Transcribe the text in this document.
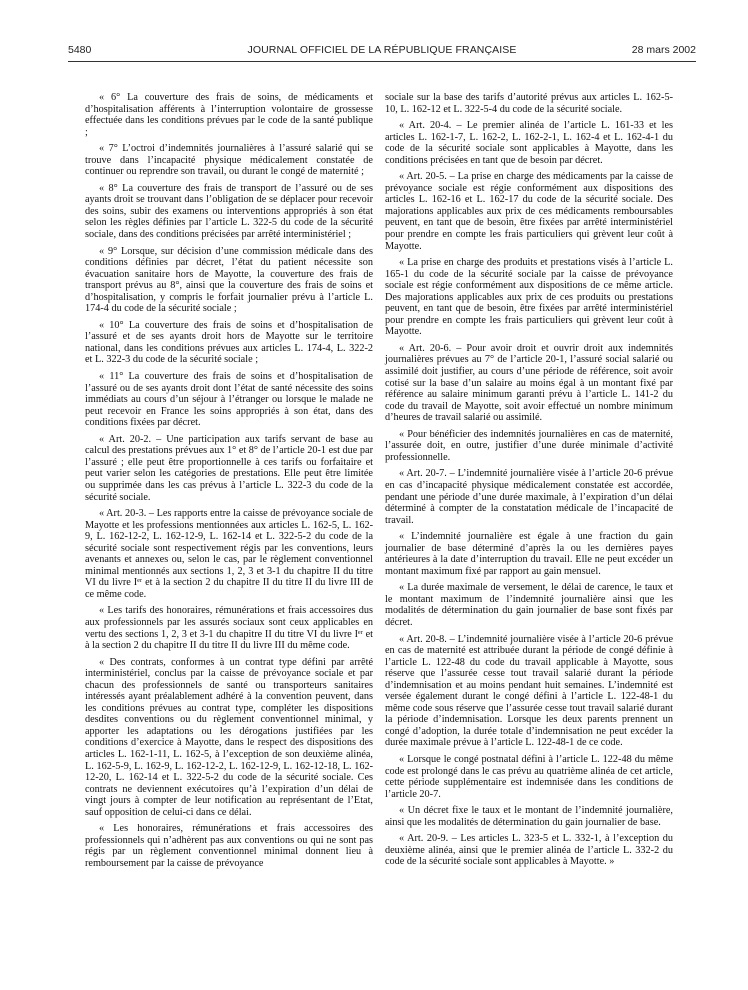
5480	JOURNAL OFFICIEL DE LA RÉPUBLIQUE FRANÇAISE	28 mars 2002

« 6° La couverture des frais de soins, de médicaments et d’hospitalisation afférents à l’interruption volontaire de grossesse effectuée dans les conditions prévues par le code de la santé publique ;

« 7° L’octroi d’indemnités journalières à l’assuré salarié qui se trouve dans l’incapacité physique médicalement constatée de continuer ou reprendre son travail, ou durant le congé de maternité ;

« 8° La couverture des frais de transport de l’assuré ou de ses ayants droit se trouvant dans l’obligation de se déplacer pour recevoir des soins, subir des examens ou interventions appropriés à son état selon les règles définies par l’article L. 322-5 du code de la sécurité sociale, dans des conditions précisées par arrêté interministériel ;

« 9° Lorsque, sur décision d’une commission médicale dans des conditions définies par décret, l’état du patient nécessite son évacuation sanitaire hors de Mayotte, la couverture des frais de transport prévus au 8°, ainsi que la couverture des frais de soins et d’hospitalisation, y compris le forfait journalier prévu à l’article L. 174-4 du code de la sécurité sociale ;

« 10° La couverture des frais de soins et d’hospitalisation de l’assuré et de ses ayants droit hors de Mayotte sur le territoire national, dans les conditions prévues aux articles L. 174-4, L. 322-2 et L. 322-3 du code de la sécurité sociale ;

« 11° La couverture des frais de soins et d’hospitalisation de l’assuré ou de ses ayants droit dont l’état de santé nécessite des soins immédiats au cours d’un séjour à l’étranger ou lorsque le malade ne peut recevoir en France les soins appropriés à son état, dans des conditions fixées par décret.

« Art. 20-2. – Une participation aux tarifs servant de base au calcul des prestations prévues aux 1° et 8° de l’article 20-1 est due par l’assuré ; elle peut être proportionnelle à ces tarifs ou forfaitaire et peut varier selon les catégories de prestations. Elle peut être limitée ou supprimée dans les cas prévus à l’article L. 322-3 du code de la sécurité sociale.

« Art. 20-3. – Les rapports entre la caisse de prévoyance sociale de Mayotte et les professions mentionnées aux articles L. 162-5, L. 162-9, L. 162-12-2, L. 162-12-9, L. 162-14 et L. 322-5-2 du code de la sécurité sociale sont respectivement régis par les conventions, leurs avenants et annexes ou, selon le cas, par le règlement conventionnel minimal mentionnés aux sections 1, 2, 3 et 3-1 du chapitre II du titre VI du livre Iᵉʳ et à la section 2 du chapitre II du titre II du livre III de ce même code.

« Les tarifs des honoraires, rémunérations et frais accessoires dus aux professionnels par les assurés sociaux sont ceux applicables en vertu des sections 1, 2, 3 et 3-1 du chapitre II du titre VI du livre Iᵉʳ et à la section 2 du chapitre II du titre II du livre III du même code.

« Des contrats, conformes à un contrat type défini par arrêté interministériel, conclus par la caisse de prévoyance sociale et par chacun des professionnels de santé ou transporteurs sanitaires intéressés ayant préalablement adhéré à la convention peuvent, dans les conditions prévues au contrat type, compléter les dispositions desdites conventions ou du règlement conventionnel minimal, y apporter les adaptations ou les dérogations justifiées par les conditions d’exercice à Mayotte, dans le respect des dispositions des articles L. 162-1-11, L. 162-5, à l’exception de son deuxième alinéa, L. 162-5-9, L. 162-9, L. 162-12-2, L. 162-12-9, L. 162-12-18, L. 162-12-20, L. 162-14 et L. 322-5-2 du code de la sécurité sociale. Ces contrats ne deviennent exécutoires qu’à l’expiration d’un délai de vingt jours à compter de leur notification au représentant de l’Etat, sauf opposition de celui-ci dans ce délai.

« Les honoraires, rémunérations et frais accessoires des professionnels qui n’adhèrent pas aux conventions ou qui ne sont pas régis par un règlement conventionnel minimal donnent lieu à remboursement par la caisse de prévoyance

sociale sur la base des tarifs d’autorité prévus aux articles L. 162-5-10, L. 162-12 et L. 322-5-4 du code de la sécurité sociale.

« Art. 20-4. – Le premier alinéa de l’article L. 161-33 et les articles L. 162-1-7, L. 162-2, L. 162-2-1, L. 162-4 et L. 162-4-1 du code de la sécurité sociale sont applicables à Mayotte, dans les conditions précisées en tant que de besoin par décret.

« Art. 20-5. – La prise en charge des médicaments par la caisse de prévoyance sociale est régie conformément aux dispositions des articles L. 162-16 et L. 162-17 du code de la sécurité sociale. Des majorations applicables aux prix de ces médicaments remboursables peuvent, en tant que de besoin, être fixées par arrêté interministériel pour prendre en compte les frais particuliers qui grèvent leur coût à Mayotte.

« La prise en charge des produits et prestations visés à l’article L. 165-1 du code de la sécurité sociale par la caisse de prévoyance sociale est régie conformément aux dispositions de ce même article. Des majorations applicables aux prix de ces produits ou prestations peuvent, en tant que de besoin, être fixées par arrêté interministériel pour prendre en compte les frais particuliers qui grèvent leur coût à Mayotte.

« Art. 20-6. – Pour avoir droit et ouvrir droit aux indemnités journalières prévues au 7° de l’article 20-1, l’assuré social salarié ou assimilé doit justifier, au cours d’une période de référence, soit avoir cotisé sur la base d’un salaire au moins égal à un montant fixé par référence au salaire minimum garanti prévu à l’article L. 141-2 du code du travail de Mayotte, soit avoir effectué un nombre minimum d’heures de travail salarié ou assimilé.

« Pour bénéficier des indemnités journalières en cas de maternité, l’assurée doit, en outre, justifier d’une durée minimale d’activité professionnelle.

« Art. 20-7. – L’indemnité journalière visée à l’article 20-6 prévue en cas d’incapacité physique médicalement constatée est accordée, pendant une période d’une durée maximale, à l’expiration d’un délai déterminé à compter de la constatation médicale de l’incapacité de travail.

« L’indemnité journalière est égale à une fraction du gain journalier de base déterminé d’après la ou les dernières payes antérieures à la date d’interruption du travail. Elle ne peut excéder un montant maximum fixé par rapport au gain mensuel.

« La durée maximale de versement, le délai de carence, le taux et le montant maximum de l’indemnité journalière ainsi que les modalités de détermination du gain journalier de base sont fixés par décret.

« Art. 20-8. – L’indemnité journalière visée à l’article 20-6 prévue en cas de maternité est attribuée durant la période de congé définie à l’article L. 122-48 du code du travail applicable à Mayotte, sous réserve que l’assurée cesse tout travail salarié durant la période d’indemnisation et au moins pendant huit semaines. L’indemnité est versée également durant le congé défini à l’article L. 122-48-1 du même code sous réserve que l’assurée cesse tout travail salarié durant la période d’indemnisation. Lorsque les deux parents prennent un congé d’adoption, la durée totale d’indemnisation ne peut excéder la durée maximale prévue à l’article L. 122-48-1 de ce code.

« Lorsque le congé postnatal défini à l’article L. 122-48 du même code est prolongé dans le cas prévu au quatrième alinéa de cet article, cette période supplémentaire est indemnisée dans les conditions de l’article 20-7.

« Un décret fixe le taux et le montant de l’indemnité journalière, ainsi que les modalités de détermination du gain journalier de base.

« Art. 20-9. – Les articles L. 323-5 et L. 332-1, à l’exception du deuxième alinéa, ainsi que le premier alinéa de l’article L. 332-2 du code de la sécurité sociale sont applicables à Mayotte. »
